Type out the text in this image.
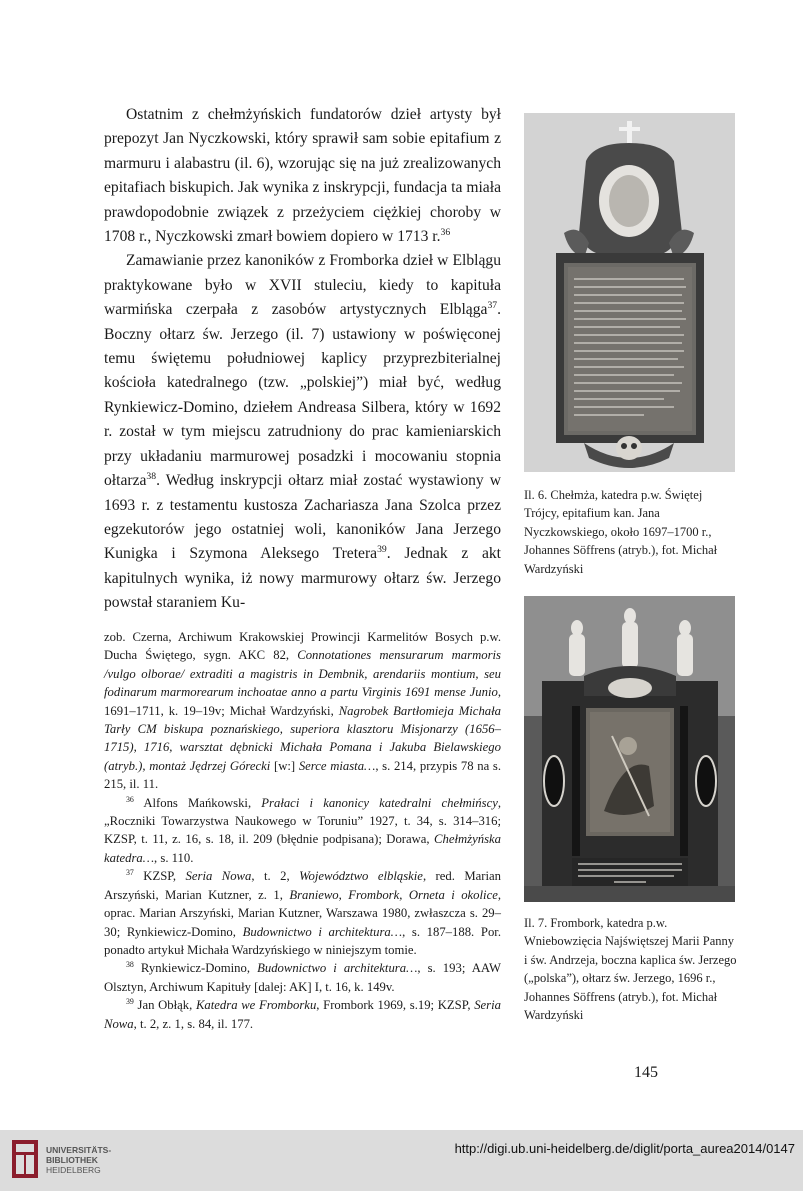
Ostatnim z chełmżyńskich fundatorów dzieł artysty był prepozyt Jan Nyczkowski, który sprawił sam sobie epitafium z marmuru i alabastru (il. 6), wzorując się na już zrealizowanych epitafiach biskupich. Jak wynika z inskrypcji, fundacja ta miała prawdopodobnie związek z przeżyciem ciężkiej choroby w 1708 r., Nyczkowski zmarł bowiem dopiero w 1713 r.$^{36}$

Zamawianie przez kanoników z Fromborka dzieł w Elblągu praktykowane było w XVII stuleciu, kiedy to kapituła warmińska czerpała z zasobów artystycznych Elbląga$^{37}$. Boczny ołtarz św. Jerzego (il. 7) ustawiony w poświęconej temu świętemu południowej kaplicy przyprezbiterialnej kościoła katedralnego (tzw. „polskiej”) miał być, według Rynkiewicz-Domino, dziełem Andreasa Silbera, który w 1692 r. został w tym miejscu zatrudniony do prac kamieniarskich przy układaniu marmurowej posadzki i mocowaniu stopnia ołtarza$^{38}$. Według inskrypcji ołtarz miał zostać wystawiony w 1693 r. z testamentu kustosza Zachariasza Jana Szolca przez egzekutorów jego ostatniej woli, kanoników Jana Jerzego Kunigka i Szymona Aleksego Tretera$^{39}$. Jednak z akt kapitulnych wynika, iż nowy marmurowy ołtarz św. Jerzego powstał staraniem Ku-

zob. Czerna, Archiwum Krakowskiej Prowincji Karmelitów Bosych p.w. Ducha Świętego, sygn. AKC 82, Connotationes mensurarum marmoris /vulgo olborae/ extraditi a magistris in Dembnik, arendariis montium, seu fodinarum marmorearum inchoatae anno a partu Virginis 1691 mense Junio, 1691–1711, k. 19–19v; Michał Wardzyński, Nagrobek Bartłomieja Michała Tarły CM biskupa poznańskiego, superiora klasztoru Misjonarzy (1656–1715), 1716, warsztat dębnicki Michała Pomana i Jakuba Bielawskiego (atryb.), montaż Jędrzej Górecki [w:] Serce miasta…, s. 214, przypis 78 na s. 215, il. 11.

$^{36}$ Alfons Mańkowski, Prałaci i kanonicy katedralni chełmińscy, „Roczniki Towarzystwa Naukowego w Toruniu” 1927, t. 34, s. 314–316; KZSP, t. 11, z. 16, s. 18, il. 209 (błędnie podpisana); Dorawa, Chełmżyńska katedra…, s. 110.

$^{37}$ KZSP, Seria Nowa, t. 2, Województwo elbląskie, red. Marian Arszyński, Marian Kutzner, z. 1, Braniewo, Frombork, Orneta i okolice, oprac. Marian Arszyński, Marian Kutzner, Warszawa 1980, zwłaszcza s. 29–30; Rynkiewicz-Domino, Budownictwo i architektura…, s. 187–188. Por. ponadto artykuł Michała Wardzyńskiego w niniejszym tomie.

$^{38}$ Rynkiewicz-Domino, Budownictwo i architektura…, s. 193; AAW Olsztyn, Archiwum Kapituły [dalej: AK] I, t. 16, k. 149v.

$^{39}$ Jan Obłąk, Katedra we Fromborku, Frombork 1969, s.19; KZSP, Seria Nowa, t. 2, z. 1, s. 84, il. 177.

Il. 6. Chełmża, katedra p.w. Świętej Trójcy, epitafium kan. Jana Nyczkowskiego, około 1697–1700 r., Johannes Söffrens (atryb.), fot. Michał Wardzyński
Il. 7. Frombork, katedra p.w. Wniebowzięcia Najświętszej Marii Panny i św. Andrzeja, boczna kaplica św. Jerzego („polska”), ołtarz św. Jerzego, 1696 r., Johannes Söffrens (atryb.), fot. Michał Wardzyński
145
UNIVERSITÄTS-
BIBLIOTHEK
HEIDELBERG
http://digi.ub.uni-heidelberg.de/diglit/porta_aurea2014/0147
